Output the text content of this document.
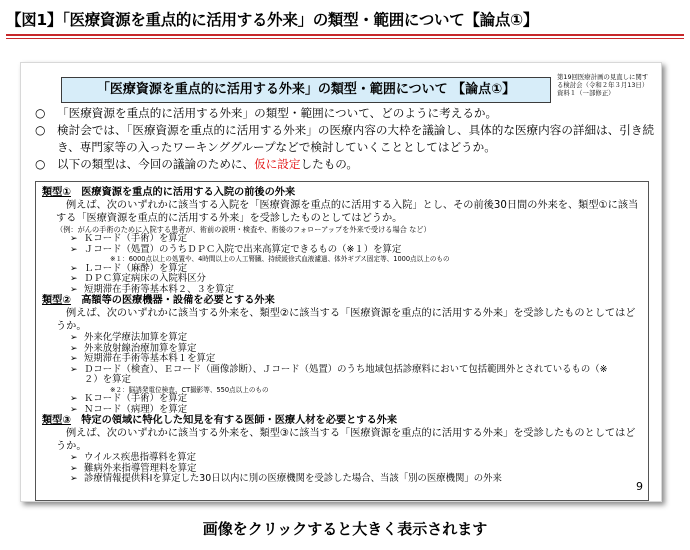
【図1】「医療資源を重点的に活用する外来」の類型・範囲について【論点①】
「医療資源を重点的に活用する外来」の類型・範囲について 【論点①】
第19回医療計画の見直しに関す
る検討会（令和２年３月13日）
資料１（一部修正）
○ 「医療資源を重点的に活用する外来」の類型・範囲について、どのように考えるか。
○ 検討会では、「医療資源を重点的に活用する外来」の医療内容の大枠を議論し、具体的な医療内容の詳細は、引き続き、専門家等の入ったワーキンググループなどで検討していくこととしてはどうか。
○ 以下の類型は、今回の議論のために、仮に設定したもの。
類型①　医療資源を重点的に活用する入院の前後の外来
例えば、次のいずれかに該当する入院を「医療資源を重点的に活用する入院」とし、その前後30日間の外来を、類型①に該当する「医療資源を重点的に活用する外来」を受診したものとしてはどうか。
（例：がんの手術のために入院する患者が、術前の説明・検査や、術後のフォローアップを外来で受ける場合 など）
➢ Ｋコード（手術）を算定
➢ Ｊコード（処置）のうちＤＰＣ入院で出来高算定できるもの（※１）を算定
※１：6000点以上の処置や、4時間以上の人工腎臓、持続緩徐式血液濾過、体外ギプス固定等、1000点以上のもの
➢ Ｌコード（麻酔）を算定
➢ ＤＰＣ算定病床の入院料区分
➢ 短期滞在手術等基本料２、３を算定
類型②　高額等の医療機器・設備を必要とする外来
例えば、次のいずれかに該当する外来を、類型②に該当する「医療資源を重点的に活用する外来」を受診したものとしてはどうか。
➢ 外来化学療法加算を算定
➢ 外来放射線治療加算を算定
➢ 短期滞在手術等基本料１を算定
➢ Ｄコード（検査）、Ｅコード（画像診断）、Ｊコード（処置）のうち地域包括診療料において包括範囲外とされているもの（※
２）を算定
※２：脳誘発電位検査、CT撮影等、550点以上のもの
➢ Ｋコード（手術）を算定
➢ Ｎコード（病理）を算定
類型③　特定の領域に特化した知見を有する医師・医療人材を必要とする外来
例えば、次のいずれかに該当する外来を、類型③に該当する「医療資源を重点的に活用する外来」を受診したものとしてはどうか。
➢ ウイルス疾患指導料を算定
➢ 難病外来指導管理料を算定
➢ 診療情報提供料Ⅰを算定した30日以内に別の医療機関を受診した場合、当該「別の医療機関」の外来
9
画像をクリックすると大きく表示されます
